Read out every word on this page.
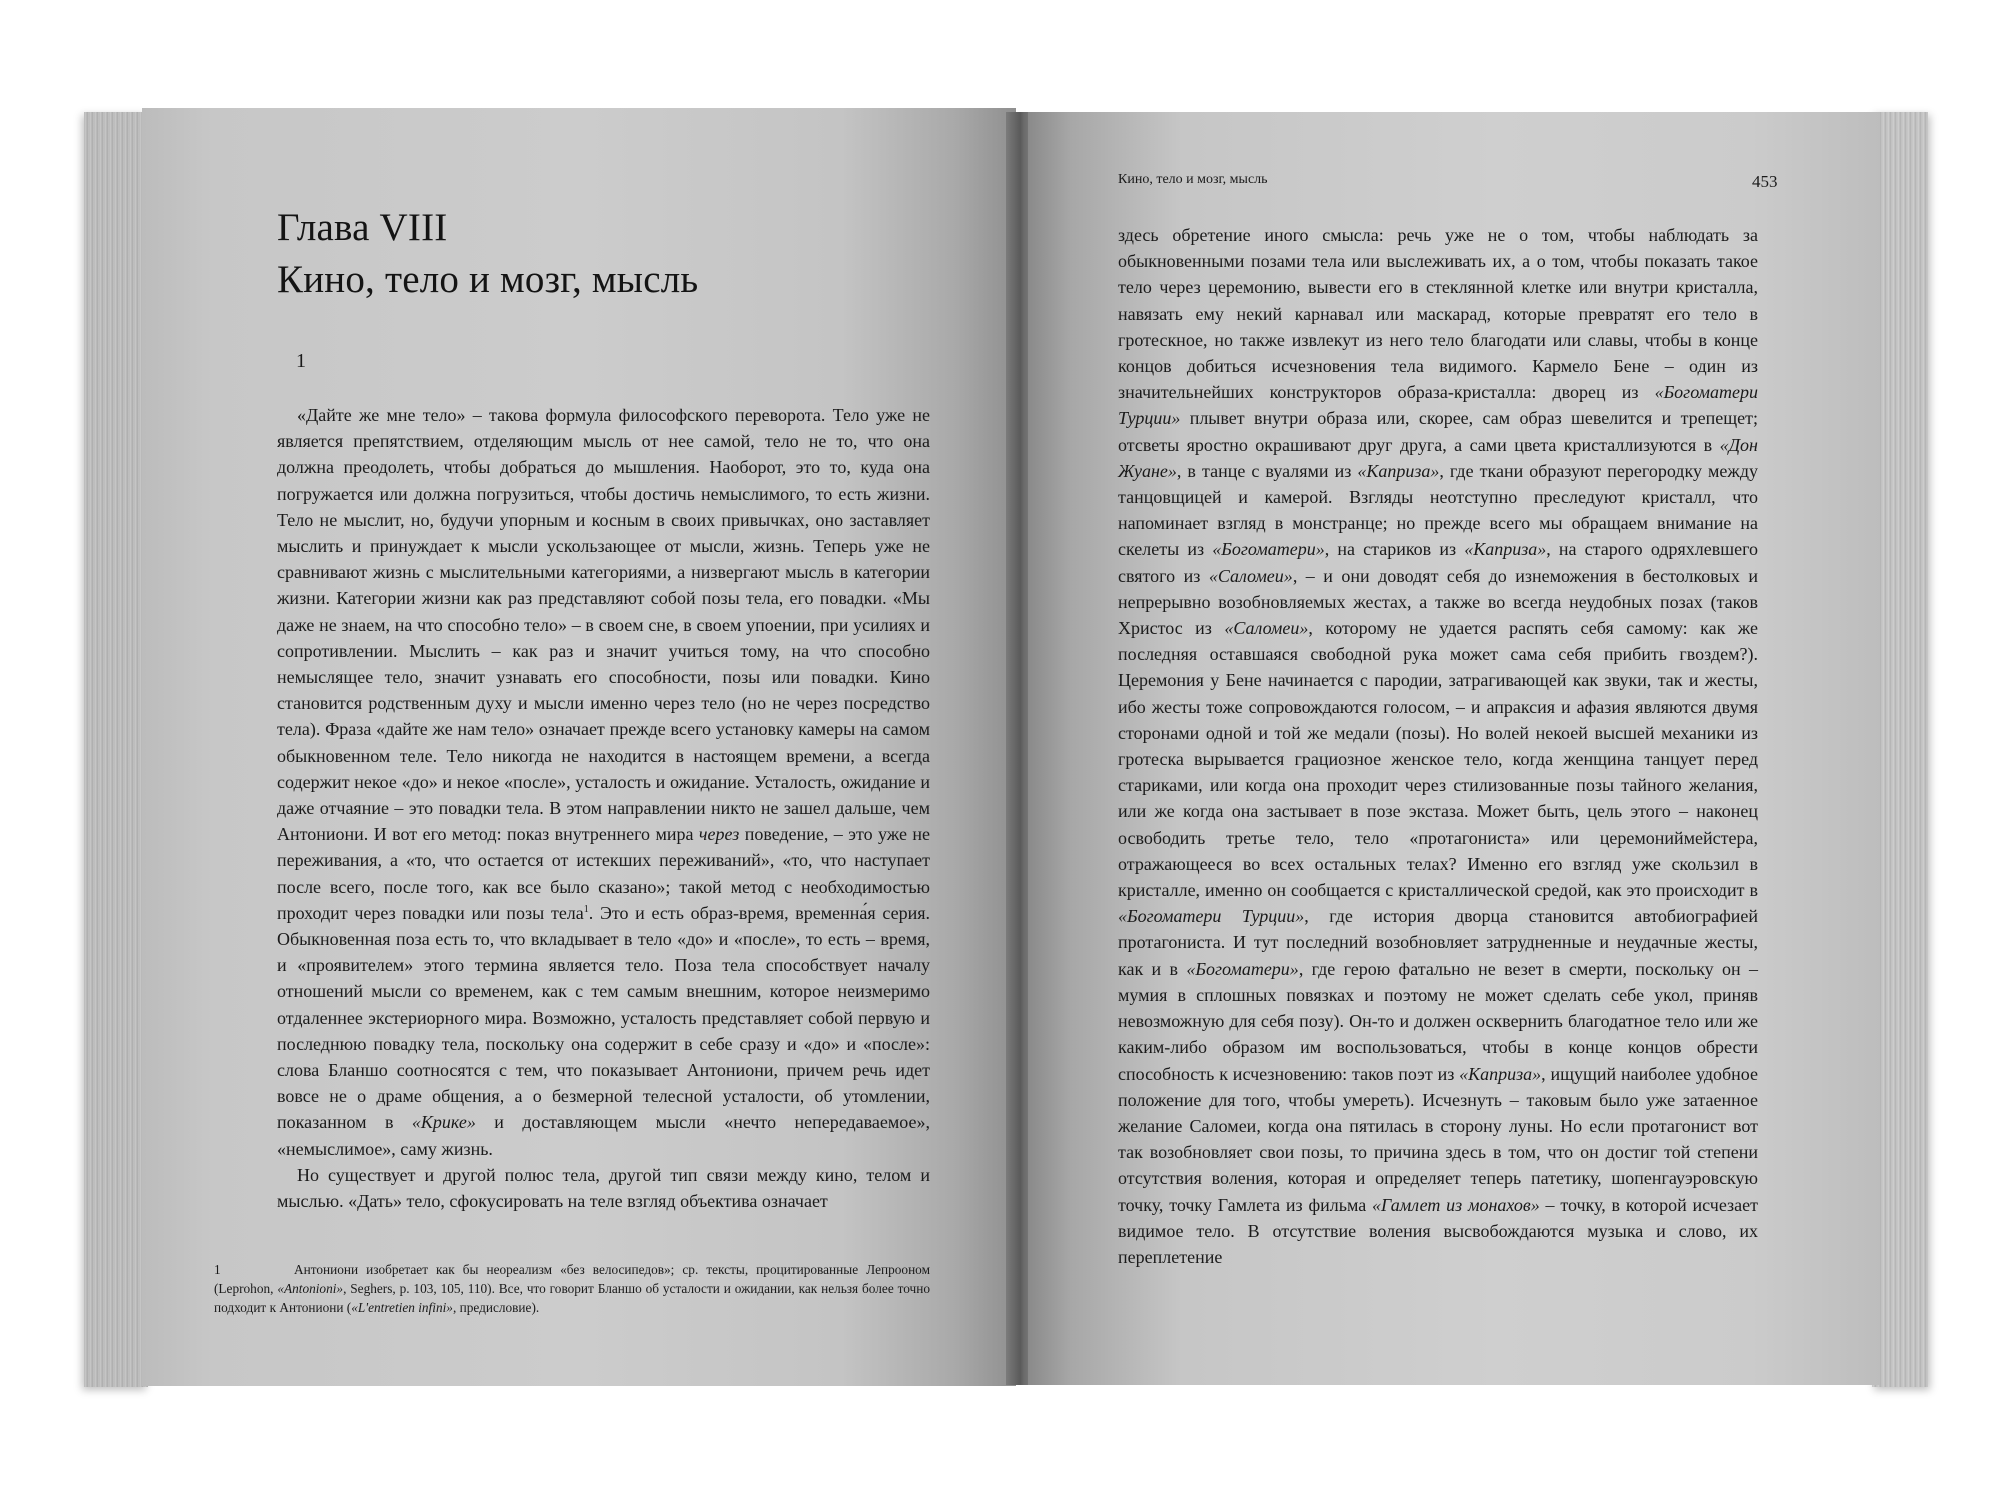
Глава VIII
Кино, тело и мозг, мысль
1

«Дайте же мне тело» – такова формула философского переворота. Тело уже не является препятствием, отделяющим мысль от нее самой, тело не то, что она должна преодолеть, чтобы добраться до мышления. Наоборот, это то, куда она погружается или должна погрузиться, чтобы достичь немыслимого, то есть жизни. Тело не мыслит, но, будучи упорным и косным в своих привычках, оно заставляет мыслить и принуждает к мысли ускользающее от мысли, жизнь. Теперь уже не сравнивают жизнь с мыслительными категориями, а низвергают мысль в категории жизни. Категории жизни как раз представляют собой позы тела, его повадки. «Мы даже не знаем, на что способно тело» – в своем сне, в своем упоении, при усилиях и сопротивлении. Мыслить – как раз и значит учиться тому, на что способно немыслящее тело, значит узнавать его способности, позы или повадки. Кино становится родственным духу и мысли именно через тело (но не через посредство тела). Фраза «дайте же нам тело» означает прежде всего установку камеры на самом обыкновенном теле. Тело никогда не находится в настоящем времени, а всегда содержит некое «до» и некое «после», усталость и ожидание. Усталость, ожидание и даже отчаяние – это повадки тела. В этом направлении никто не зашел дальше, чем Антониони. И вот его метод: показ внутреннего мира через поведение, – это уже не переживания, а «то, что остается от истекших переживаний», «то, что наступает после всего, после того, как все было сказано»; такой метод с необходимостью проходит через повадки или позы тела$^1$. Это и есть образ-время, временна́я серия. Обыкновенная поза есть то, что вкладывает в тело «до» и «после», то есть – время, и «проявителем» этого термина является тело. Поза тела способствует началу отношений мысли со временем, как с тем самым внешним, которое неизмеримо отдаленнее экстериорного мира. Возможно, усталость представляет собой первую и последнюю повадку тела, поскольку она содержит в себе сразу и «до» и «после»: слова Бланшо соотносятся с тем, что показывает Антониони, причем речь идет вовсе не о драме общения, а о безмерной телесной усталости, об утомлении, показанном в «Крике» и доставляющем мысли «нечто непередаваемое», «немыслимое», саму жизнь.

Но существует и другой полюс тела, другой тип связи между кино, телом и мыслью. «Дать» тело, сфокусировать на теле взгляд объектива означает

1	Антониони изобретает как бы неореализм «без велосипедов»; ср. тексты, процитированные Лепрооном (Leprohon, «Antonioni», Seghers, p. 103, 105, 110). Все, что говорит Бланшо об усталости и ожидании, как нельзя более точно подходит к Антониони («L'entretien infini», предисловие).
Кино, тело и мозг, мысль	453

здесь обретение иного смысла: речь уже не о том, чтобы наблюдать за обыкновенными позами тела или выслеживать их, а о том, чтобы показать такое тело через церемонию, вывести его в стеклянной клетке или внутри кристалла, навязать ему некий карнавал или маскарад, которые превратят его тело в гротескное, но также извлекут из него тело благодати или славы, чтобы в конце концов добиться исчезновения тела видимого. Кармело Бене – один из значительнейших конструкторов образа-кристалла: дворец из «Богоматери Турции» плывет внутри образа или, скорее, сам образ шевелится и трепещет; отсветы яростно окрашивают друг друга, а сами цвета кристаллизуются в «Дон Жуане», в танце с вуалями из «Каприза», где ткани образуют перегородку между танцовщицей и камерой. Взгляды неотступно преследуют кристалл, что напоминает взгляд в монстранце; но прежде всего мы обращаем внимание на скелеты из «Богоматери», на стариков из «Каприза», на старого одряхлевшего святого из «Саломеи», – и они доводят себя до изнеможения в бестолковых и непрерывно возобновляемых жестах, а также во всегда неудобных позах (таков Христос из «Саломеи», которому не удается распять себя самому: как же последняя оставшаяся свободной рука может сама себя прибить гвоздем?). Церемония у Бене начинается с пародии, затрагивающей как звуки, так и жесты, ибо жесты тоже сопровождаются голосом, – и апраксия и афазия являются двумя сторонами одной и той же медали (позы). Но волей некоей высшей механики из гротеска вырывается грациозное женское тело, когда женщина танцует перед стариками, или когда она проходит через стилизованные позы тайного желания, или же когда она застывает в позе экстаза. Может быть, цель этого – наконец освободить третье тело, тело «протагониста» или церемониймейстера, отражающееся во всех остальных телах? Именно его взгляд уже скользил в кристалле, именно он сообщается с кристаллической средой, как это происходит в «Богоматери Турции», где история дворца становится автобиографией протагониста. И тут последний возобновляет затрудненные и неудачные жесты, как и в «Богоматери», где герою фатально не везет в смерти, поскольку он – мумия в сплошных повязках и поэтому не может сделать себе укол, приняв невозможную для себя позу). Он-то и должен осквернить благодатное тело или же каким-либо образом им воспользоваться, чтобы в конце концов обрести способность к исчезновению: таков поэт из «Каприза», ищущий наиболее удобное положение для того, чтобы умереть). Исчезнуть – таковым было уже затаенное желание Саломеи, когда она пятилась в сторону луны. Но если протагонист вот так возобновляет свои позы, то причина здесь в том, что он достиг той степени отсутствия воления, которая и определяет теперь патетику, шопенгауэровскую точку, точку Гамлета из фильма «Гамлет из монахов» – точку, в которой исчезает видимое тело. В отсутствие воления высвобождаются музыка и слово, их переплетение
